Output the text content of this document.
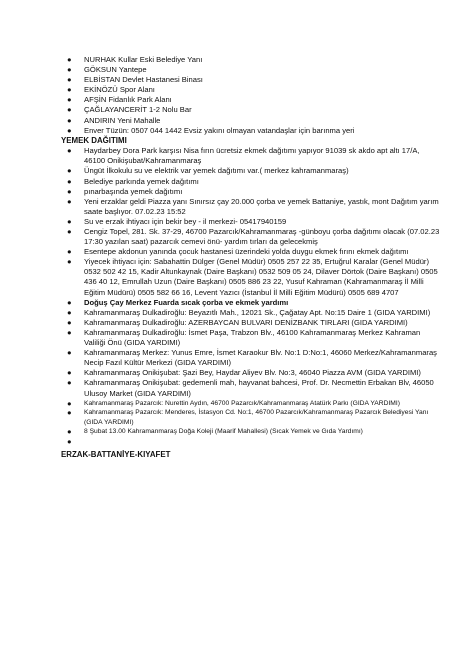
● NURHAK Kullar Eski Belediye Yanı
● GÖKSUN Yantepe
● ELBİSTAN Devlet Hastanesi Binası
● EKİNÖZÜ Spor Alanı
● AFŞİN Fidanlık Park Alanı
● ÇAĞLAYANCERİT 1-2 Nolu Bar
● ANDIRIN Yeni Mahalle
● Enver Tüzün: 0507 044 1442 Evsiz yakını olmayan vatandaşlar için barınma yeri
YEMEK DAĞITIMI
● Haydarbey Dora Park karşısı Nisa fırın ücretsiz ekmek dağıtımı yapıyor 91039 sk akdo apt altı 17/A, 46100 Onikişubat/Kahramanmaraş
● Üngüt İlkokulu su ve elektrik var yemek dağıtımı var.( merkez kahramanmaraş)
● Belediye parkında yemek dağıtımı
● pınarbaşında yemek dağıtımı
● Yeni erzaklar geldi Piazza yanı Sınırsız çay 20.000 çorba ve yemek Battaniye, yastık, mont Dağıtım yarım saate başlıyor. 07.02.23 15:52
● Su ve erzak ihtiyacı için bekir bey - il merkezi- 05417940159
● Cengiz Topel, 281. Sk. 37-29, 46700 Pazarcık/Kahramanmaraş -günboyu çorba dağıtımı olacak (07.02.23 17:30 yazılan saat) pazarcık cemevi önü- yardım tırları da gelecekmiş
● Esentepe akdonun yanında çocuk hastanesi üzerindeki yolda duygu ekmek fırını ekmek dağıtımı
● Yiyecek ihtiyacı için: Sabahattin Dülger (Genel Müdür) 0505 257 22 35, Ertuğrul Karalar (Genel Müdür) 0532 502 42 15, Kadir Altunkaynak (Daire Başkanı) 0532 509 05 24, Dilaver Dörtok (Daire Başkanı) 0505 436 40 12, Emrullah Uzun (Daire Başkanı) 0505 886 23 22, Yusuf Kahraman (Kahramanmaraş İl Milli Eğitim Müdürü) 0505 582 66 16, Levent Yazıcı (İstanbul İl Milli Eğitim Müdürü) 0505 689 4707
● Doğuş Çay Merkez Fuarda sıcak çorba ve ekmek yardımı
● Kahramanmaraş Dulkadiroğlu: Beyazıtlı Mah., 12021 Sk., Çağatay Apt. No:15 Daire 1 (GIDA YARDIMI)
● Kahramanmaraş Dulkadiroğlu: AZERBAYCAN BULVARI DENİZBANK TIRLARI (GIDA YARDIMI)
● Kahramanmaraş Dulkadiroğlu: İsmet Paşa, Trabzon Blv., 46100 Kahramanmaraş Merkez Kahraman Valiliği Önü (GIDA YARDIMI)
● Kahramanmaraş Merkez: Yunus Emre, İsmet Karaokur Blv. No:1 D:No:1, 46060 Merkez/Kahramanmaraş Necip Fazıl Kültür Merkezi (GIDA YARDIMI)
● Kahramanmaraş Onikişubat: Şazi Bey, Haydar Aliyev Blv. No:3, 46040 Piazza AVM (GIDA YARDIMI)
● Kahramanmaraş Onikişubat: gedemenli mah, hayvanat bahcesi, Prof. Dr. Necmettin Erbakan Blv, 46050 Ulusoy Market (GIDA YARDIMI)
● Kahramanmaraş Pazarcık: Nurettin Aydın, 46700 Pazarcık/Kahramanmaraş Atatürk Parkı (GIDA YARDIMI)
● Kahramanmaraş Pazarcık: Menderes, İstasyon Cd. No:1, 46700 Pazarcık/Kahramanmaraş Pazarcık Belediyesi Yanı (GIDA YARDIMI)
● 8 Şubat 13.00 Kahramanmaraş Doğa Koleji (Maarif Mahallesi) (Sıcak Yemek ve Gıda Yardımı)
●
ERZAK-BATTANİYE-KIYAFET
